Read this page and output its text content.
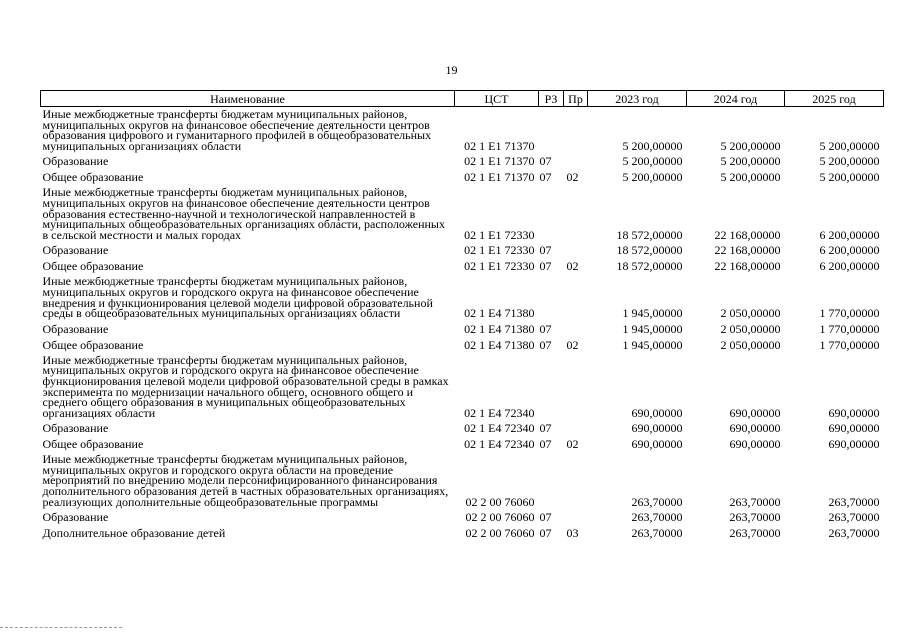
19
Наименование	ЦСТ	РЗ	Пр	2023 год	2024 год	2025 год
Иные межбюджетные трансферты бюджетам муниципальных районов, муниципальных округов на финансовое обеспечение деятельности центров образования цифрового и гуманитарного профилей в общеобразовательных муниципальных организациях области	02 1 E1 71370			5 200,00000	5 200,00000	5 200,00000
Образование	02 1 E1 71370	07		5 200,00000	5 200,00000	5 200,00000
Общее образование	02 1 E1 71370	07	02	5 200,00000	5 200,00000	5 200,00000
Иные межбюджетные трансферты бюджетам муниципальных районов, муниципальных округов на финансовое обеспечение деятельности центров образования естественно-научной и технологической направленностей в муниципальных общеобразовательных организациях области, расположенных в сельской местности и малых городах	02 1 E1 72330			18 572,00000	22 168,00000	6 200,00000
Образование	02 1 E1 72330	07		18 572,00000	22 168,00000	6 200,00000
Общее образование	02 1 E1 72330	07	02	18 572,00000	22 168,00000	6 200,00000
Иные межбюджетные трансферты бюджетам муниципальных районов, муниципальных округов и городского округа на финансовое обеспечение внедрения и функционирования целевой модели цифровой образовательной среды в общеобразовательных муниципальных организациях области	02 1 E4 71380			1 945,00000	2 050,00000	1 770,00000
Образование	02 1 E4 71380	07		1 945,00000	2 050,00000	1 770,00000
Общее образование	02 1 E4 71380	07	02	1 945,00000	2 050,00000	1 770,00000
Иные межбюджетные трансферты бюджетам муниципальных районов, муниципальных округов и городского округа на финансовое обеспечение функционирования целевой модели цифровой образовательной среды в рамках эксперимента по модернизации начального общего, основного общего и среднего общего образования в муниципальных общеобразовательных организациях области	02 1 E4 72340			690,00000	690,00000	690,00000
Образование	02 1 E4 72340	07		690,00000	690,00000	690,00000
Общее образование	02 1 E4 72340	07	02	690,00000	690,00000	690,00000
Иные межбюджетные трансферты бюджетам муниципальных районов, муниципальных округов и городского округа области на проведение мероприятий по внедрению модели персонифицированного финансирования дополнительного образования детей в частных образовательных организациях, реализующих дополнительные общеобразовательные программы	02 2 00 76060			263,70000	263,70000	263,70000
Образование	02 2 00 76060	07		263,70000	263,70000	263,70000
Дополнительное образование детей	02 2 00 76060	07	03	263,70000	263,70000	263,70000
